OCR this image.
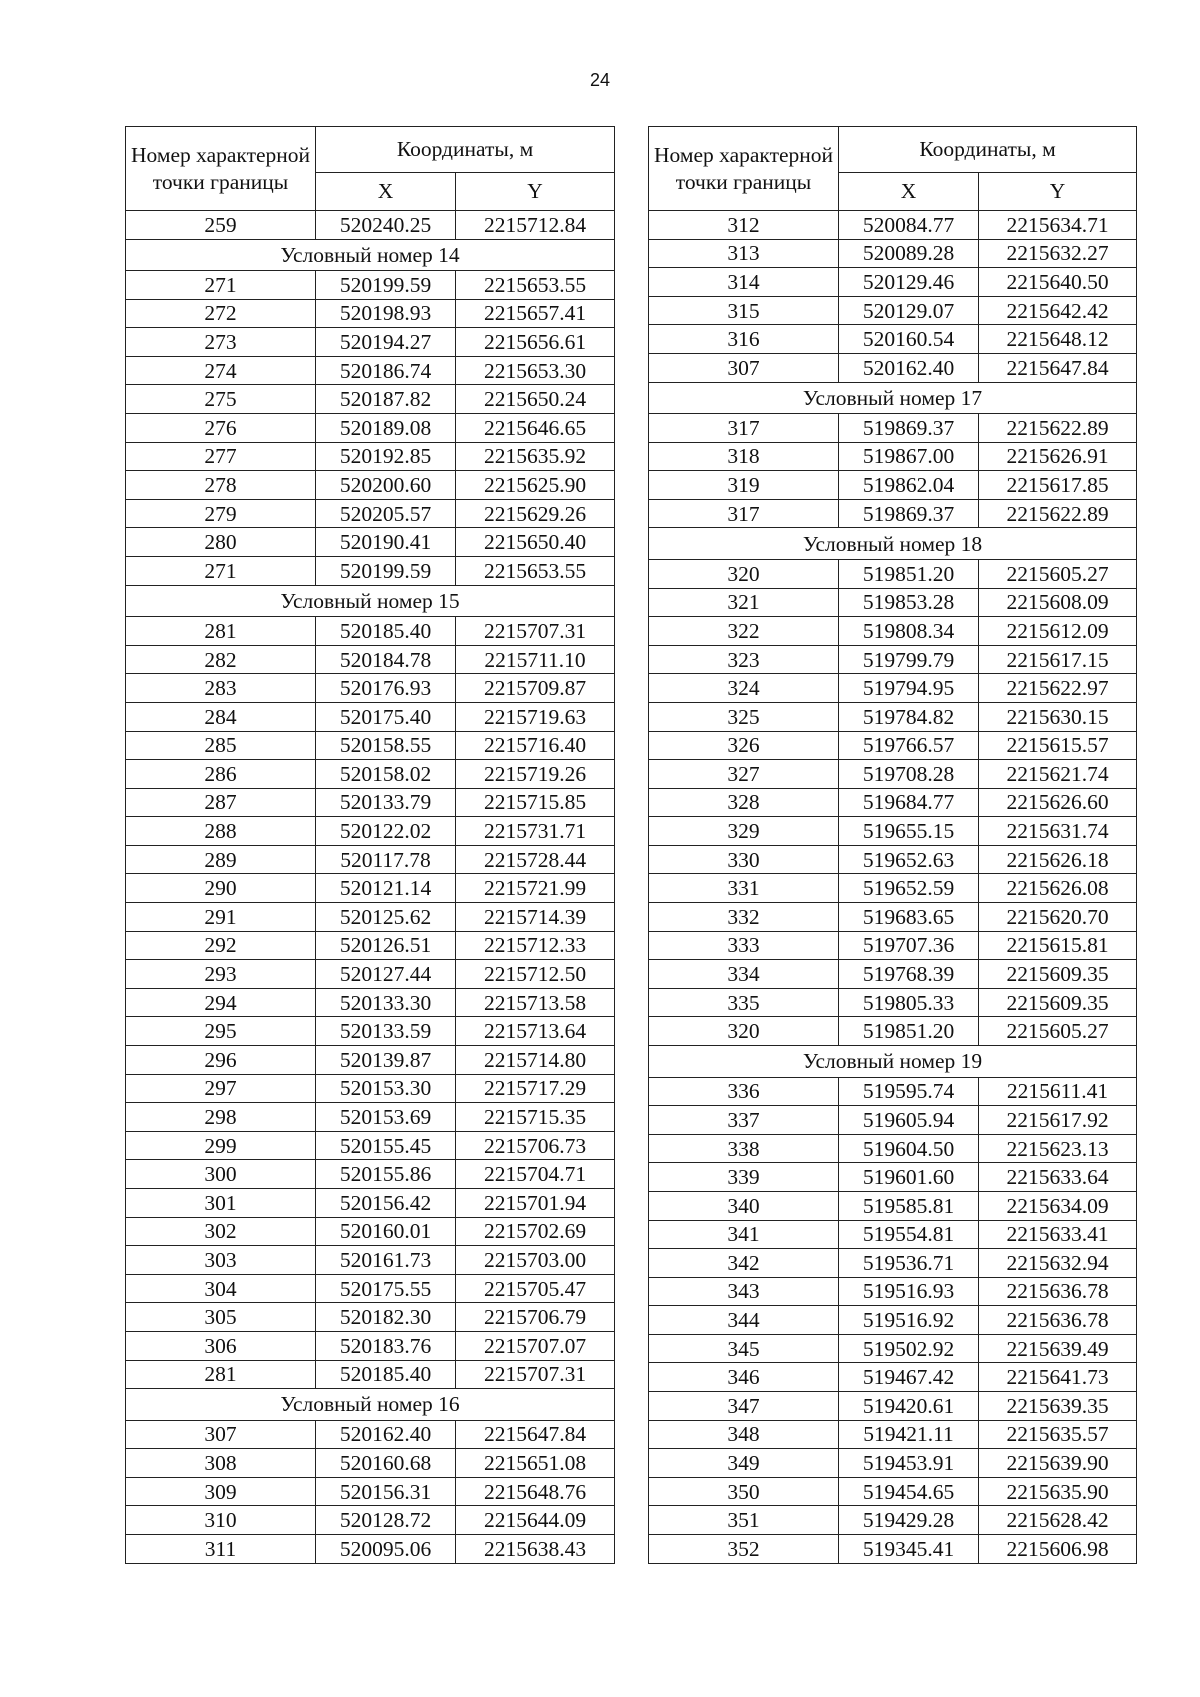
24
Номер характерной точки границы	Координаты, м	
	X	Y
259	520240.25	2215712.84
Условный номер 14		
271	520199.59	2215653.55
272	520198.93	2215657.41
273	520194.27	2215656.61
274	520186.74	2215653.30
275	520187.82	2215650.24
276	520189.08	2215646.65
277	520192.85	2215635.92
278	520200.60	2215625.90
279	520205.57	2215629.26
280	520190.41	2215650.40
271	520199.59	2215653.55
Условный номер 15		
281	520185.40	2215707.31
282	520184.78	2215711.10
283	520176.93	2215709.87
284	520175.40	2215719.63
285	520158.55	2215716.40
286	520158.02	2215719.26
287	520133.79	2215715.85
288	520122.02	2215731.71
289	520117.78	2215728.44
290	520121.14	2215721.99
291	520125.62	2215714.39
292	520126.51	2215712.33
293	520127.44	2215712.50
294	520133.30	2215713.58
295	520133.59	2215713.64
296	520139.87	2215714.80
297	520153.30	2215717.29
298	520153.69	2215715.35
299	520155.45	2215706.73
300	520155.86	2215704.71
301	520156.42	2215701.94
302	520160.01	2215702.69
303	520161.73	2215703.00
304	520175.55	2215705.47
305	520182.30	2215706.79
306	520183.76	2215707.07
281	520185.40	2215707.31
Условный номер 16		
307	520162.40	2215647.84
308	520160.68	2215651.08
309	520156.31	2215648.76
310	520128.72	2215644.09
311	520095.06	2215638.43
Номер характерной точки границы	Координаты, м	
	X	Y
312	520084.77	2215634.71
313	520089.28	2215632.27
314	520129.46	2215640.50
315	520129.07	2215642.42
316	520160.54	2215648.12
307	520162.40	2215647.84
Условный номер 17		
317	519869.37	2215622.89
318	519867.00	2215626.91
319	519862.04	2215617.85
317	519869.37	2215622.89
Условный номер 18		
320	519851.20	2215605.27
321	519853.28	2215608.09
322	519808.34	2215612.09
323	519799.79	2215617.15
324	519794.95	2215622.97
325	519784.82	2215630.15
326	519766.57	2215615.57
327	519708.28	2215621.74
328	519684.77	2215626.60
329	519655.15	2215631.74
330	519652.63	2215626.18
331	519652.59	2215626.08
332	519683.65	2215620.70
333	519707.36	2215615.81
334	519768.39	2215609.35
335	519805.33	2215609.35
320	519851.20	2215605.27
Условный номер 19		
336	519595.74	2215611.41
337	519605.94	2215617.92
338	519604.50	2215623.13
339	519601.60	2215633.64
340	519585.81	2215634.09
341	519554.81	2215633.41
342	519536.71	2215632.94
343	519516.93	2215636.78
344	519516.92	2215636.78
345	519502.92	2215639.49
346	519467.42	2215641.73
347	519420.61	2215639.35
348	519421.11	2215635.57
349	519453.91	2215639.90
350	519454.65	2215635.90
351	519429.28	2215628.42
352	519345.41	2215606.98
